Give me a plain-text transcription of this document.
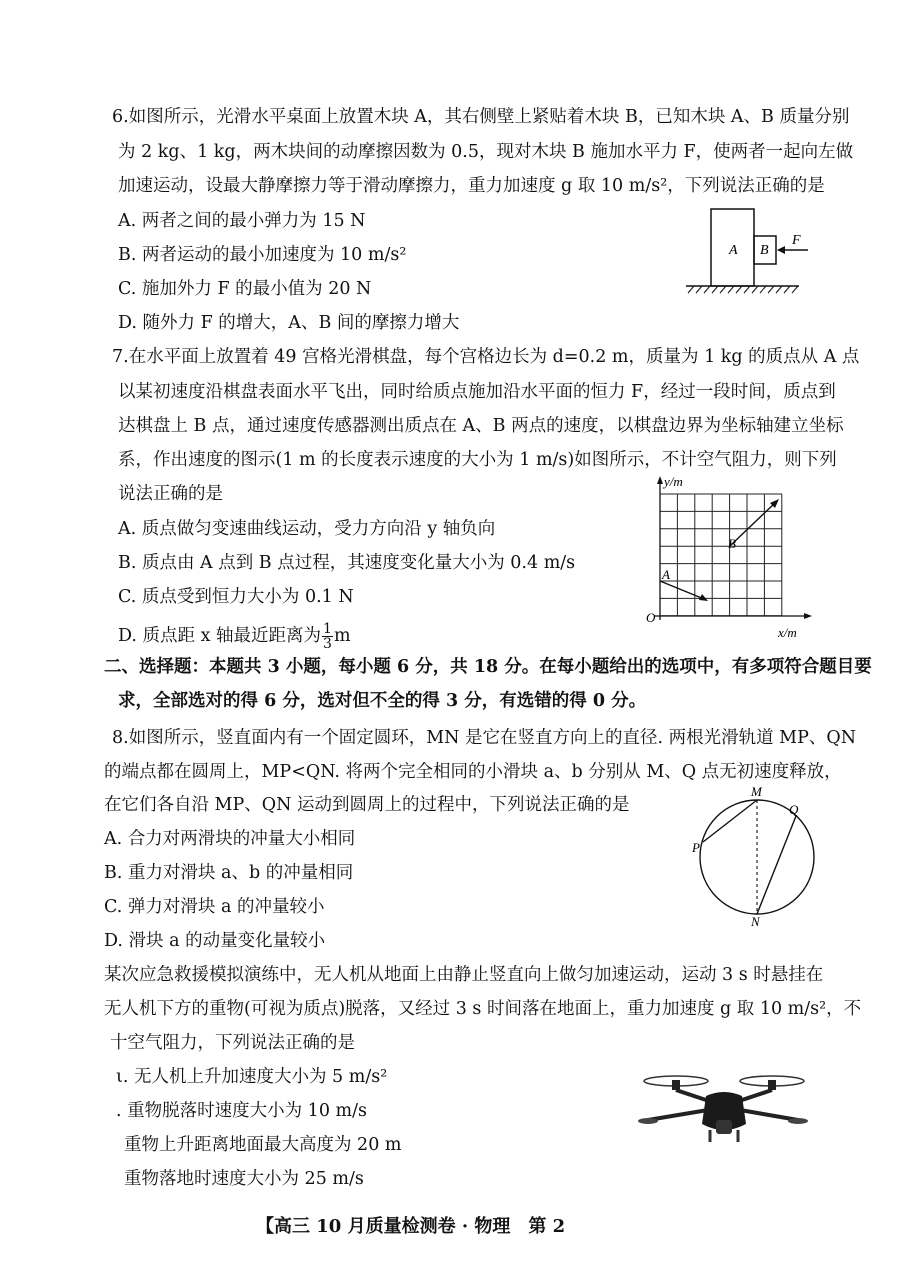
6.如图所示，光滑水平桌面上放置木块 A，其右侧壁上紧贴着木块 B，已知木块 A、B 质量分别
为 2 kg、1 kg，两木块间的动摩擦因数为 0.5，现对木块 B 施加水平力 F，使两者一起向左做
加速运动，设最大静摩擦力等于滑动摩擦力，重力加速度 g 取 10 m/s²，下列说法正确的是
A. 两者之间的最小弹力为 15 N
B. 两者运动的最小加速度为 10 m/s²
C. 施加外力 F 的最小值为 20 N
D. 随外力 F 的增大，A、B 间的摩擦力增大
A B
F
7.在水平面上放置着 49 宫格光滑棋盘，每个宫格边长为 d=0.2 m，质量为 1 kg 的质点从 A 点
以某初速度沿棋盘表面水平飞出，同时给质点施加沿水平面的恒力 F，经过一段时间，质点到
达棋盘上 B 点，通过速度传感器测出质点在 A、B 两点的速度，以棋盘边界为坐标轴建立坐标
系，作出速度的图示(1 m 的长度表示速度的大小为 1 m/s)如图所示，不计空气阻力，则下列
说法正确的是
A. 质点做匀变速曲线运动，受力方向沿 y 轴负向
B. 质点由 A 点到 B 点过程，其速度变化量大小为 0.4 m/s
C. 质点受到恒力大小为 0.1 N
D. 质点距 x 轴最近距离为 $\frac{1}{3}$ m
y/m
x/m
O
A
B
二、选择题：本题共 3 小题，每小题 6 分，共 18 分。在每小题给出的选项中，有多项符合题目要
求，全部选对的得 6 分，选对但不全的得 3 分，有选错的得 0 分。
8.如图所示，竖直面内有一个固定圆环，MN 是它在竖直方向上的直径. 两根光滑轨道 MP、QN
的端点都在圆周上，MP<QN. 将两个完全相同的小滑块 a、b 分别从 M、Q 点无初速度释放，
在它们各自沿 MP、QN 运动到圆周上的过程中，下列说法正确的是
A. 合力对两滑块的冲量大小相同
B. 重力对滑块 a、b 的冲量相同
C. 弹力对滑块 a 的冲量较小
D. 滑块 a 的动量变化量较小
M
Q
P
N
某次应急救援模拟演练中，无人机从地面上由静止竖直向上做匀加速运动，运动 3 s 时悬挂在
无人机下方的重物(可视为质点)脱落，又经过 3 s 时间落在地面上，重力加速度 g 取 10 m/s²，不
十空气阻力，下列说法正确的是
ι. 无人机上升加速度大小为 5 m/s²
. 重物脱落时速度大小为 10 m/s
重物上升距离地面最大高度为 20 m
重物落地时速度大小为 25 m/s
【高三 10 月质量检测卷 · 物理　第 2
